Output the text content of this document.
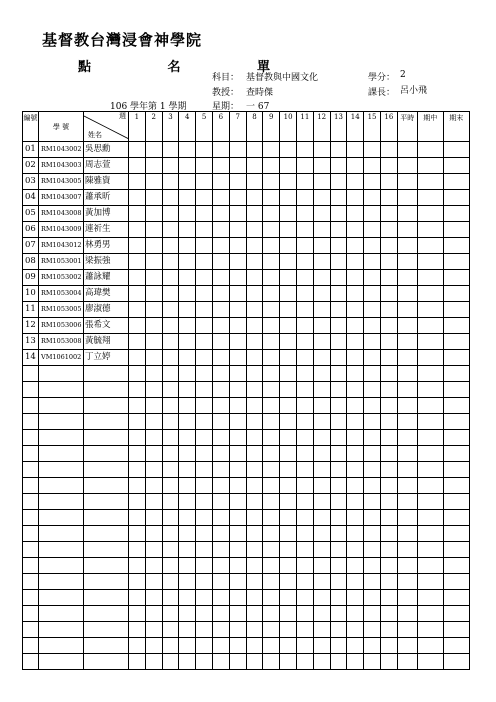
基督教台灣浸會神學院
點 名 單
科目： 基督教與中國文化
教授： 查時傑
星期： 一 67
學分： 2
課長： 呂小飛
106 學年第 1 學期
編號	學 號	週
姓名	1	2	3	4	5	6	7	8	9	10	11	12	13	14	15	16	平時	期中	期末
01	RM1043002	吳思勳																			
02	RM1043003	周志萱																			
03	RM1043005	陳雅資																			
04	RM1043007	蕭承昕																			
05	RM1043008	黃加博																			
06	RM1043009	連祈生																			
07	RM1043012	林勇男																			
08	RM1053001	梁振強																			
09	RM1053002	蕭詠耀																			
10	RM1053004	高瑋樊																			
11	RM1053005	廖淑德																			
12	RM1053006	張希文																			
13	RM1053008	黃毓翔																			
14	VM1061002	丁立婷																			
